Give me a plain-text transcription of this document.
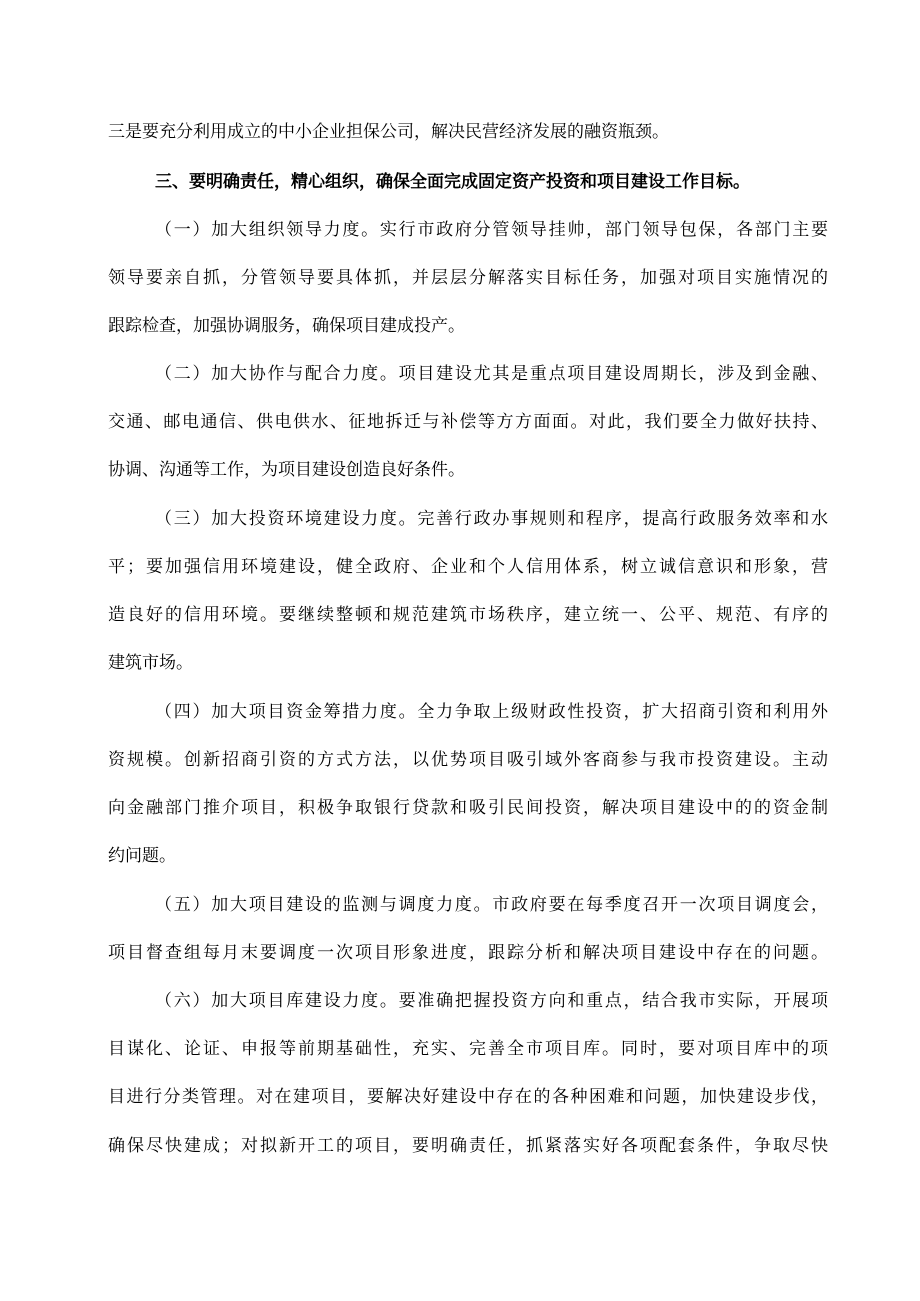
三是要充分利用成立的中小企业担保公司，解决民营经济发展的融资瓶颈。
三、要明确责任，精心组织，确保全面完成固定资产投资和项目建设工作目标。
（一）加大组织领导力度。实行市政府分管领导挂帅，部门领导包保，各部门主要
领导要亲自抓，分管领导要具体抓，并层层分解落实目标任务，加强对项目实施情况的
跟踪检查，加强协调服务，确保项目建成投产。
（二）加大协作与配合力度。项目建设尤其是重点项目建设周期长，涉及到金融、
交通、邮电通信、供电供水、征地拆迁与补偿等方方面面。对此，我们要全力做好扶持、
协调、沟通等工作，为项目建设创造良好条件。
（三）加大投资环境建设力度。完善行政办事规则和程序，提高行政服务效率和水
平；要加强信用环境建设，健全政府、企业和个人信用体系，树立诚信意识和形象，营
造良好的信用环境。要继续整顿和规范建筑市场秩序，建立统一、公平、规范、有序的
建筑市场。
（四）加大项目资金筹措力度。全力争取上级财政性投资，扩大招商引资和利用外
资规模。创新招商引资的方式方法，以优势项目吸引域外客商参与我市投资建设。主动
向金融部门推介项目，积极争取银行贷款和吸引民间投资，解决项目建设中的的资金制
约问题。
（五）加大项目建设的监测与调度力度。市政府要在每季度召开一次项目调度会，
项目督查组每月末要调度一次项目形象进度，跟踪分析和解决项目建设中存在的问题。
（六）加大项目库建设力度。要准确把握投资方向和重点，结合我市实际，开展项
目谋化、论证、申报等前期基础性，充实、完善全市项目库。同时，要对项目库中的项
目进行分类管理。对在建项目，要解决好建设中存在的各种困难和问题，加快建设步伐，
确保尽快建成；对拟新开工的项目，要明确责任，抓紧落实好各项配套条件，争取尽快
